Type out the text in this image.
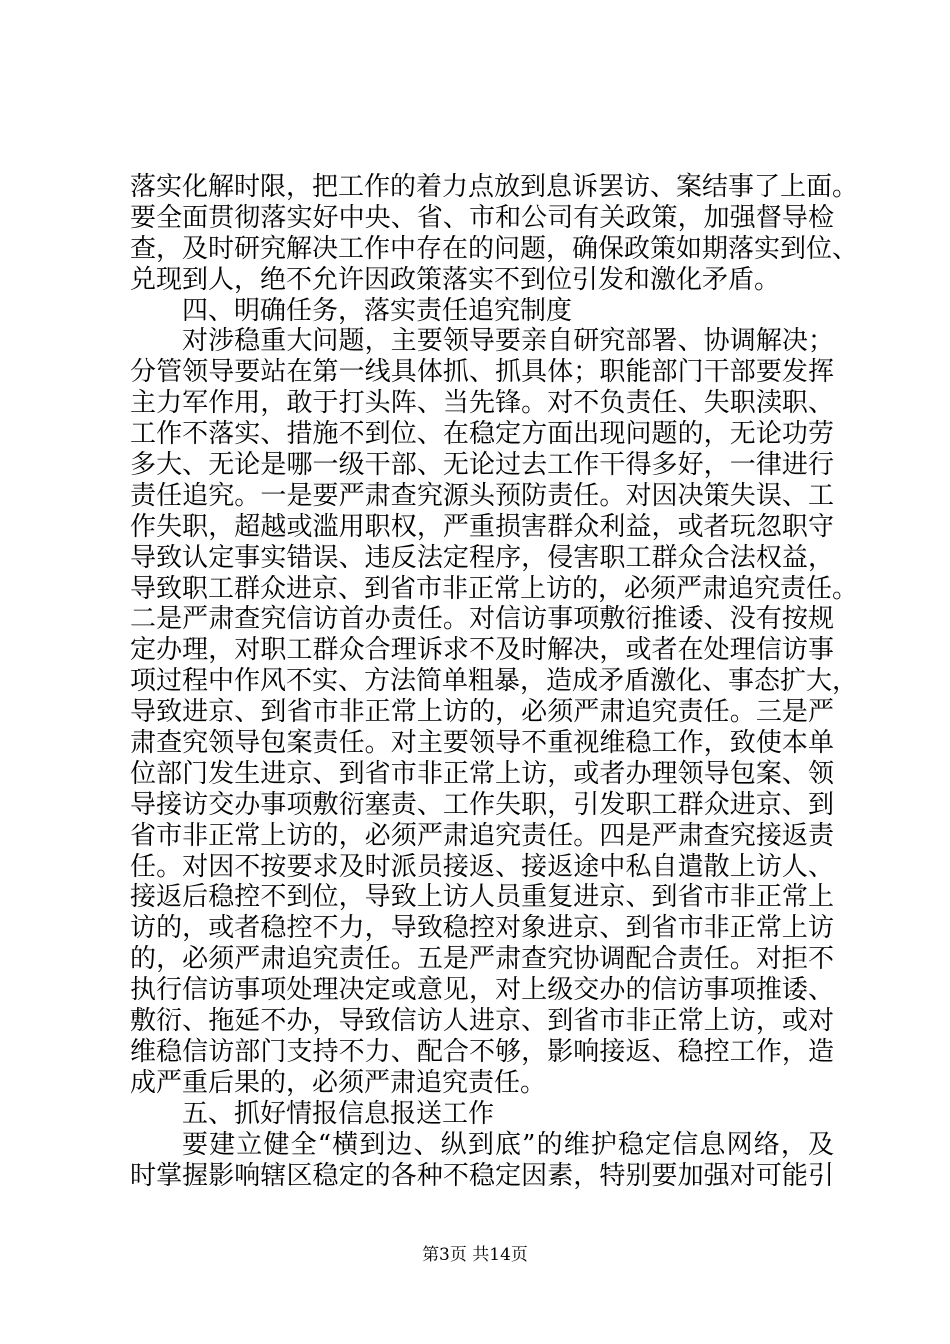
落实化解时限，把工作的着力点放到息诉罢访、案结事了上面。
要全面贯彻落实好中央、省、市和公司有关政策，加强督导检
查，及时研究解决工作中存在的问题，确保政策如期落实到位、
兑现到人，绝不允许因政策落实不到位引发和激化矛盾。
四、明确任务，落实责任追究制度
对涉稳重大问题，主要领导要亲自研究部署、协调解决；
分管领导要站在第一线具体抓、抓具体；职能部门干部要发挥
主力军作用，敢于打头阵、当先锋。对不负责任、失职渎职、
工作不落实、措施不到位、在稳定方面出现问题的，无论功劳
多大、无论是哪一级干部、无论过去工作干得多好，一律进行
责任追究。一是要严肃查究源头预防责任。对因决策失误、工
作失职，超越或滥用职权，严重损害群众利益，或者玩忽职守
导致认定事实错误、违反法定程序，侵害职工群众合法权益，
导致职工群众进京、到省市非正常上访的，必须严肃追究责任。
二是严肃查究信访首办责任。对信访事项敷衍推诿、没有按规
定办理，对职工群众合理诉求不及时解决，或者在处理信访事
项过程中作风不实、方法简单粗暴，造成矛盾激化、事态扩大，
导致进京、到省市非正常上访的，必须严肃追究责任。三是严
肃查究领导包案责任。对主要领导不重视维稳工作，致使本单
位部门发生进京、到省市非正常上访，或者办理领导包案、领
导接访交办事项敷衍塞责、工作失职，引发职工群众进京、到
省市非正常上访的，必须严肃追究责任。四是严肃查究接返责
任。对因不按要求及时派员接返、接返途中私自遣散上访人、
接返后稳控不到位，导致上访人员重复进京、到省市非正常上
访的，或者稳控不力，导致稳控对象进京、到省市非正常上访
的，必须严肃追究责任。五是严肃查究协调配合责任。对拒不
执行信访事项处理决定或意见，对上级交办的信访事项推诿、
敷衍、拖延不办，导致信访人进京、到省市非正常上访，或对
维稳信访部门支持不力、配合不够，影响接返、稳控工作，造
成严重后果的，必须严肃追究责任。
五、抓好情报信息报送工作
要建立健全“横到边、纵到底”的维护稳定信息网络，及
时掌握影响辖区稳定的各种不稳定因素，特别要加强对可能引
第3页 共14页
